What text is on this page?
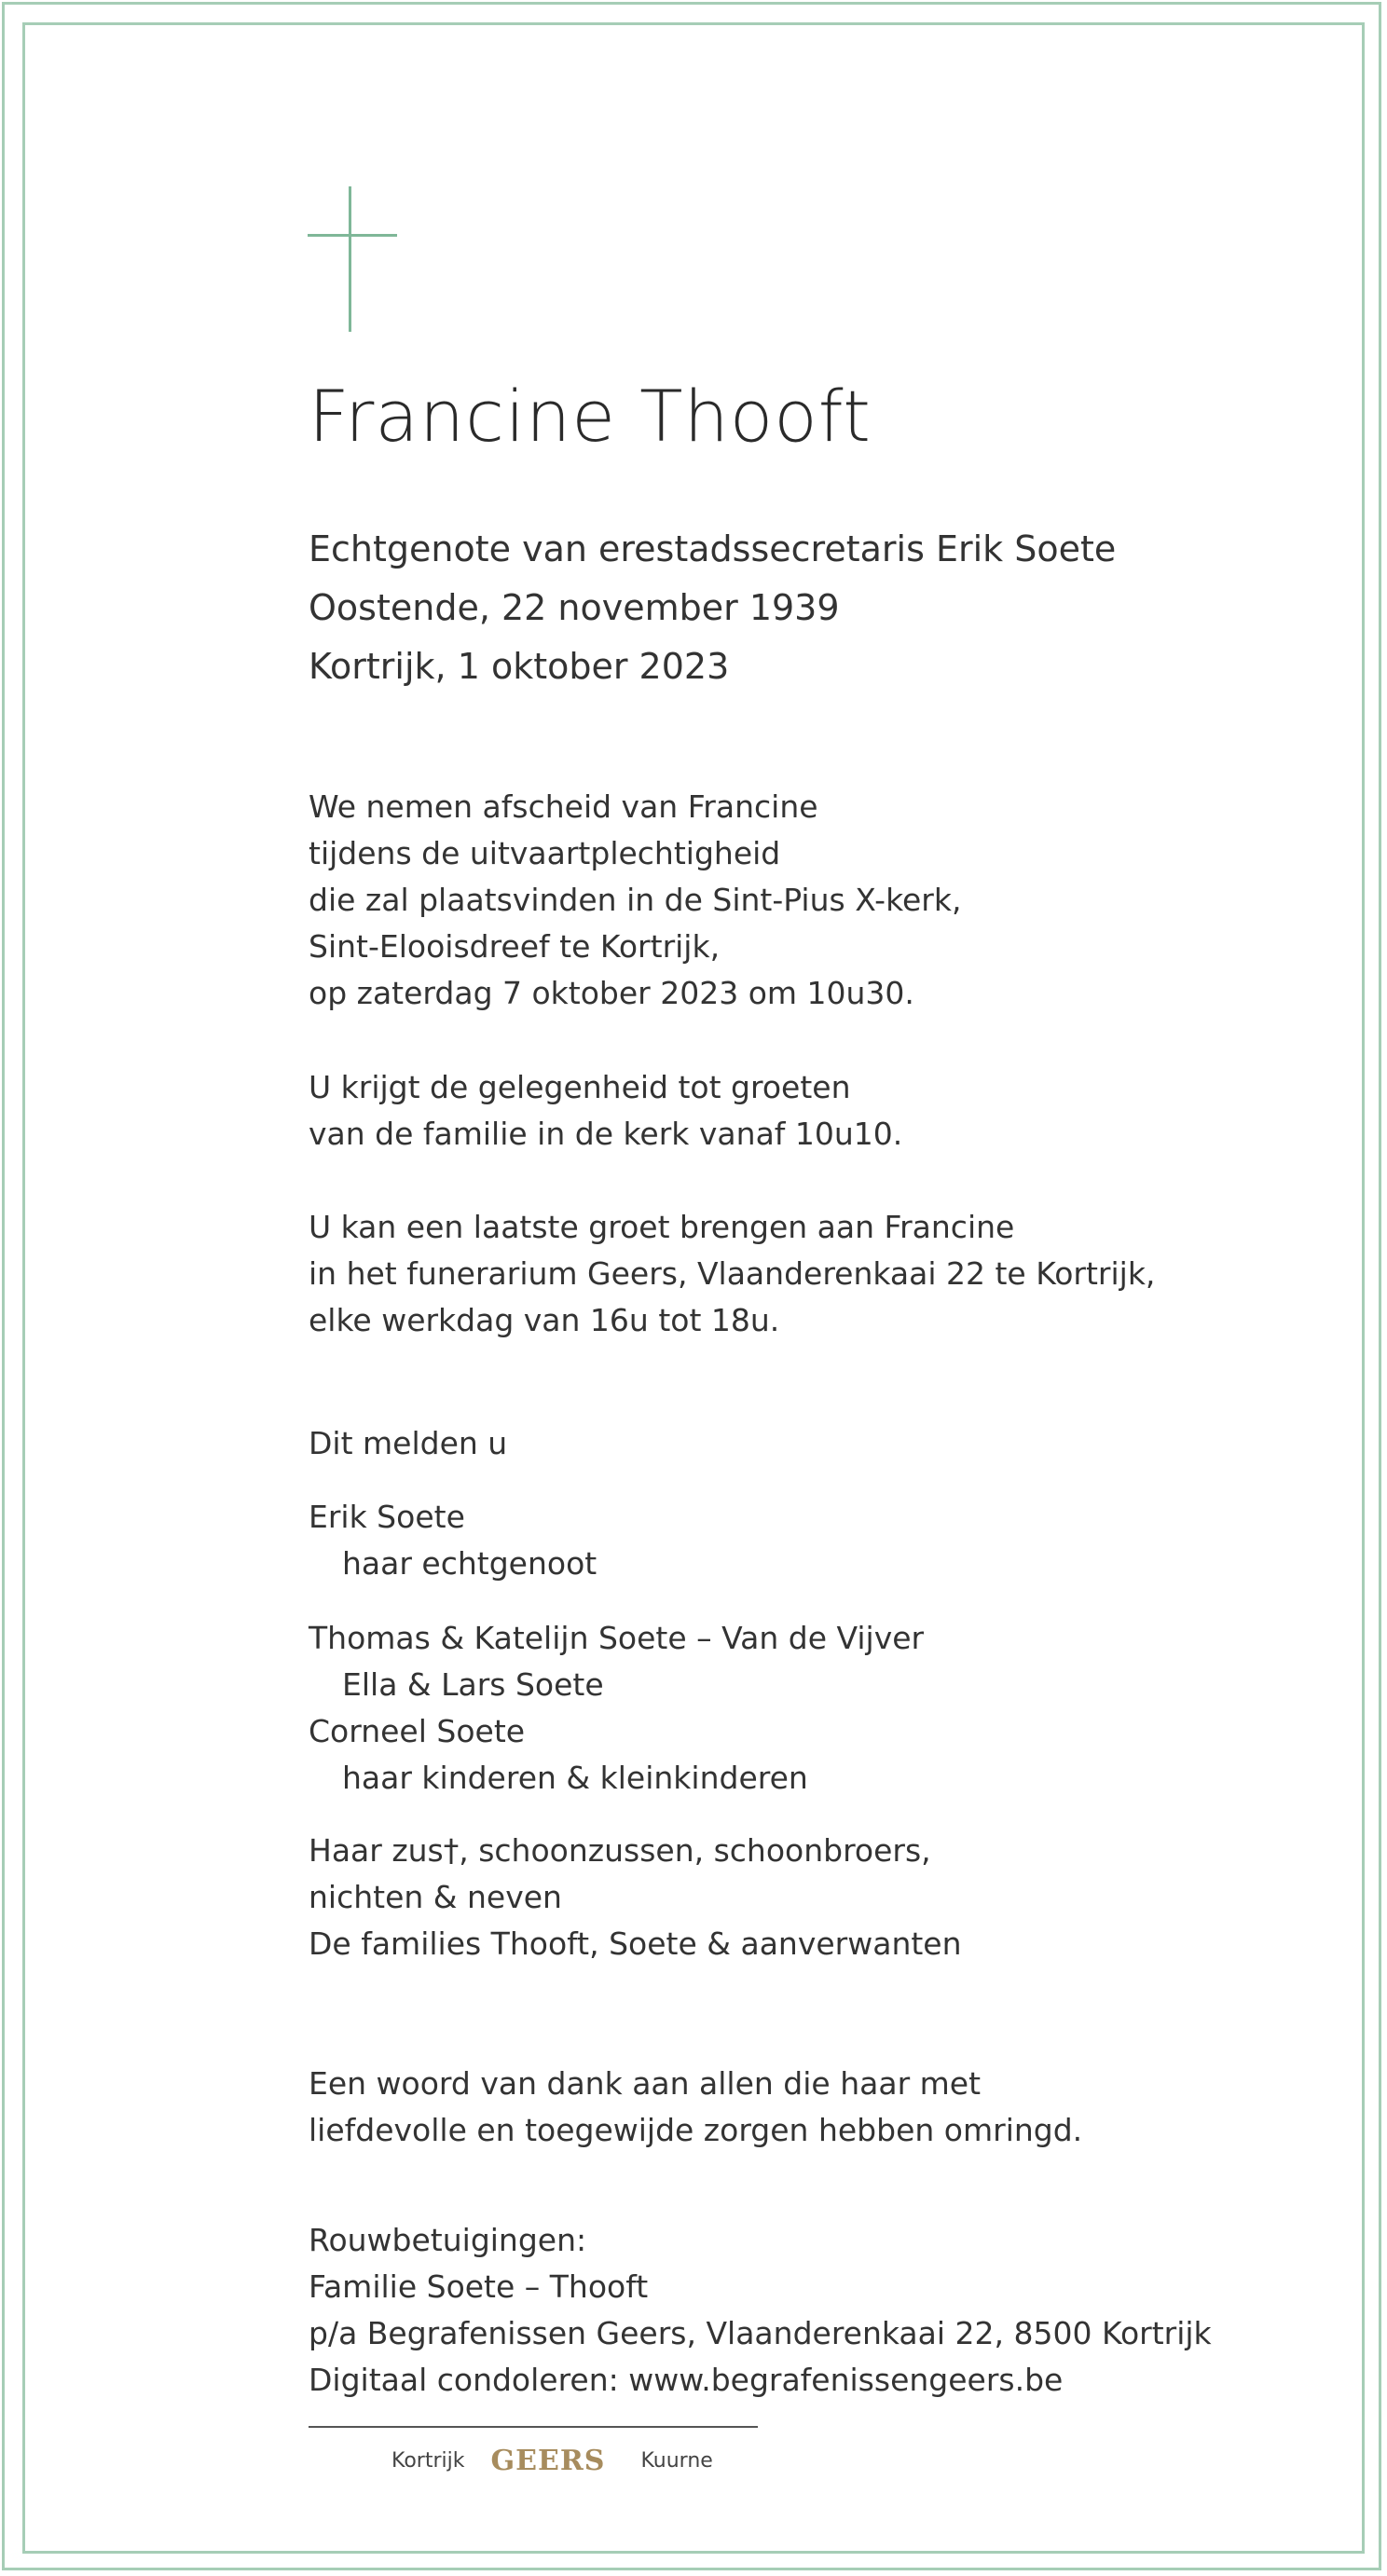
Francine Thooft
Echtgenote van erestadssecretaris Erik Soete
Oostende, 22 november 1939
Kortrijk, 1 oktober 2023
We nemen afscheid van Francine
tijdens de uitvaartplechtigheid
die zal plaatsvinden in de Sint-Pius X-kerk,
Sint-Elooisdreef te Kortrijk,
op zaterdag 7 oktober 2023 om 10u30.
U krijgt de gelegenheid tot groeten
van de familie in de kerk vanaf 10u10.
U kan een laatste groet brengen aan Francine
in het funerarium Geers, Vlaanderenkaai 22 te Kortrijk,
elke werkdag van 16u tot 18u.
Dit melden u
Erik Soete
haar echtgenoot
Thomas & Katelijn Soete – Van de Vijver
Ella & Lars Soete
Corneel Soete
haar kinderen & kleinkinderen
Haar zus†, schoonzussen, schoonbroers,
nichten & neven
De families Thooft, Soete & aanverwanten
Een woord van dank aan allen die haar met
liefdevolle en toegewijde zorgen hebben omringd.
Rouwbetuigingen:
Familie Soete – Thooft
p/a Begrafenissen Geers, Vlaanderenkaai 22, 8500 Kortrijk
Digitaal condoleren: www.begrafenissengeers.be
Kortrijk GEERS Kuurne
